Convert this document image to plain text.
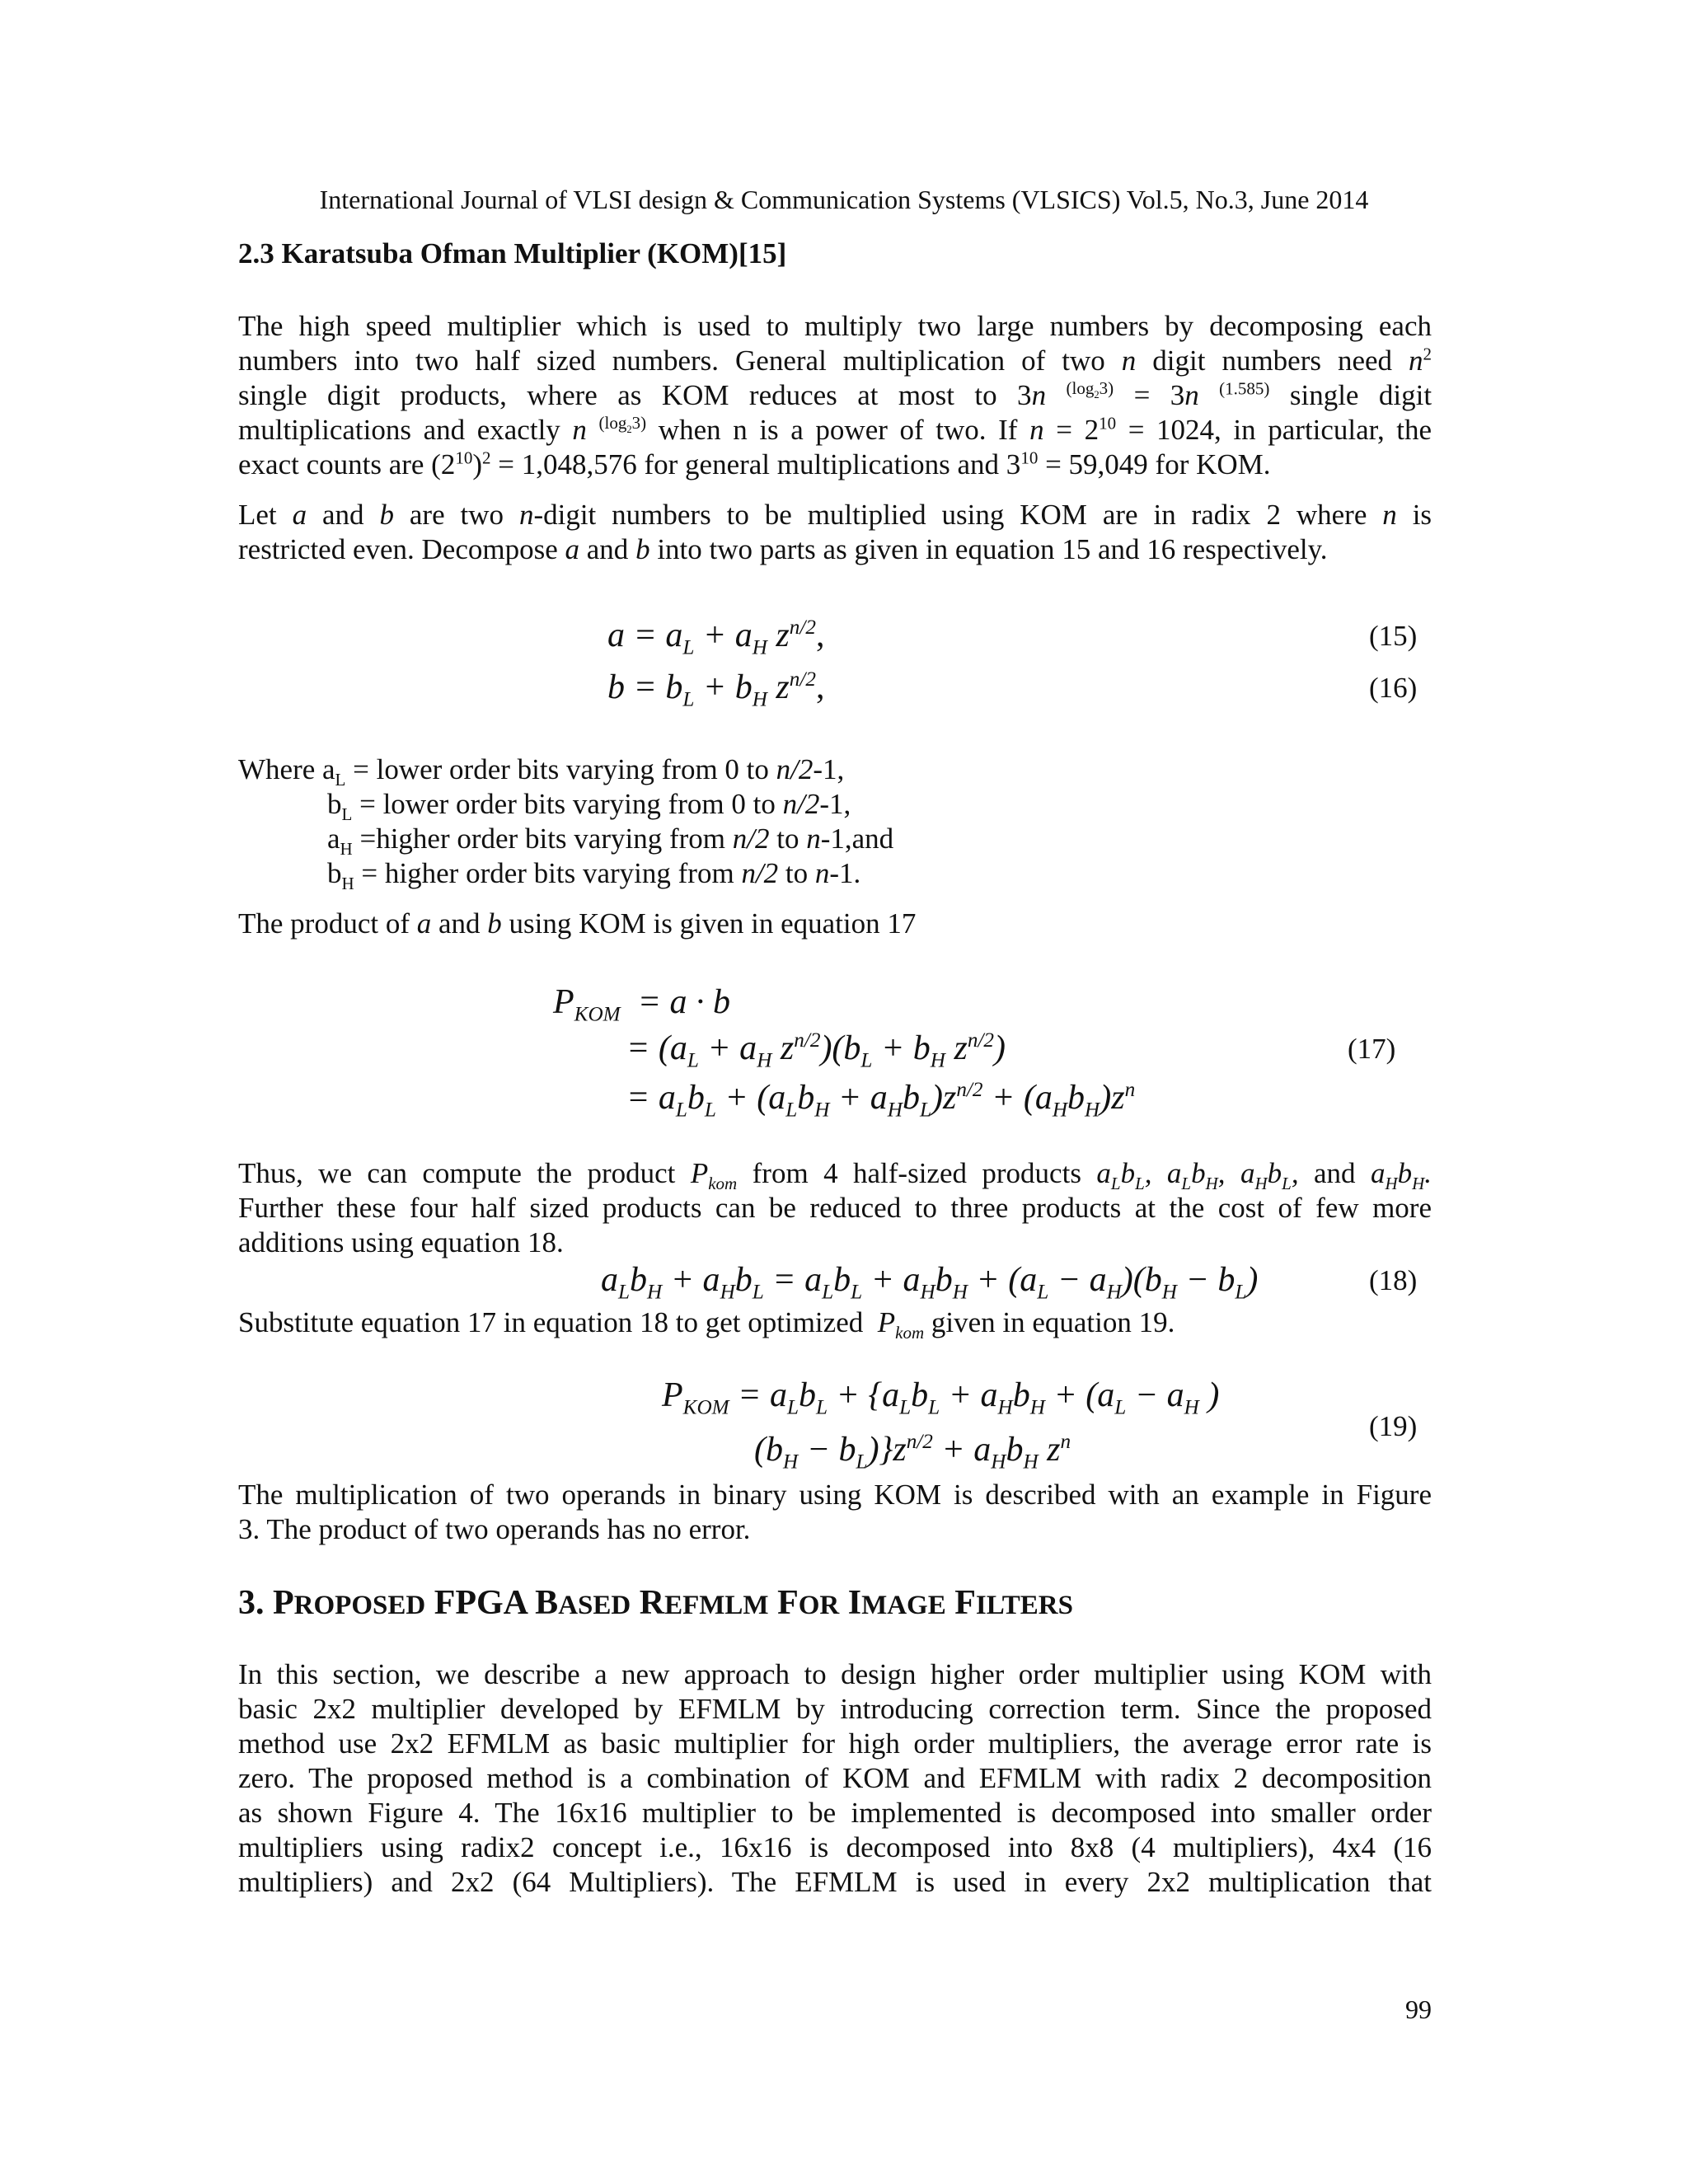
International Journal of VLSI design & Communication Systems (VLSICS) Vol.5, No.3, June 2014
2.3 Karatsuba Ofman Multiplier (KOM)[15]
The high speed multiplier which is used to multiply two large numbers by decomposing each
numbers into two half sized numbers. General multiplication of two n digit numbers need $n^2$
single digit products, where as KOM reduces at most to 3n $^{(log_23)}$ = 3n $^{(1.585)}$ single digit
multiplications and exactly n $^{(log_23)}$ when n is a power of two. If $n = 2^{10} = 1024$, in particular, the
exact counts are $(2^{10})^2 = 1,048,576$ for general multiplications and $3^{10} = 59,049$ for KOM.
Let a and b are two n-digit numbers to be multiplied using KOM are in radix 2 where n is
restricted even. Decompose a and b into two parts as given in equation 15 and 16 respectively.
$a = a_L + a_H$ $z^{n/2}$,	(15)
$b = b_L + b_H$ $z^{n/2}$,	(16)
Where $a_L$ = lower order bits varying from 0 to n/2-1,
$b_L$ = lower order bits varying from 0 to n/2-1,
$a_H$ =higher order bits varying from n/2 to n-1,and
$b_H$ = higher order bits varying from n/2 to n-1.
The product of a and b using KOM is given in equation 17
$P_{KOM} = a \cdot b$
= ($a_L + a_H$ $z^{n/2})(b_L + b_H$ $z^{n/2}$)	(17)
= $a_Lb_L + (a_Lb_H + a_Hb_L)z^{n/2} + (a_Hb_H)z^n$
Thus, we can compute the product $P_{kom}$ from 4 half-sized products $a_Lb_L$, $a_Lb_H$, $a_Hb_L$, and $a_Hb_H$.
Further these four half sized products can be reduced to three products at the cost of few more
additions using equation 18.
$a_Lb_H + a_Hb_L = a_Lb_L + a_Hb_H + (a_L - a_H)(b_H - b_L)$	(18)
Substitute equation 17 in equation 18 to get optimized $P_{kom}$ given in equation 19.
$P_{KOM} = a_Lb_L + \{a_Lb_L + a_Hb_H + (a_L - a_H$ )
(19)
$(b_H - b_L)\}z^{n/2} + a_Hb_H$ $z^n$
The multiplication of two operands in binary using KOM is described with an example in Figure
3. The product of two operands has no error.
3. PROPOSED FPGA BASED REFMLM FOR IMAGE FILTERS
In this section, we describe a new approach to design higher order multiplier using KOM with
basic 2x2 multiplier developed by EFMLM by introducing correction term. Since the proposed
method use 2x2 EFMLM as basic multiplier for high order multipliers, the average error rate is
zero. The proposed method is a combination of KOM and EFMLM with radix 2 decomposition
as shown Figure 4. The 16x16 multiplier to be implemented is decomposed into smaller order
multipliers using radix2 concept i.e., 16x16 is decomposed into 8x8 (4 multipliers), 4x4 (16
multipliers) and 2x2 (64 Multipliers). The EFMLM is used in every 2x2 multiplication that
99
